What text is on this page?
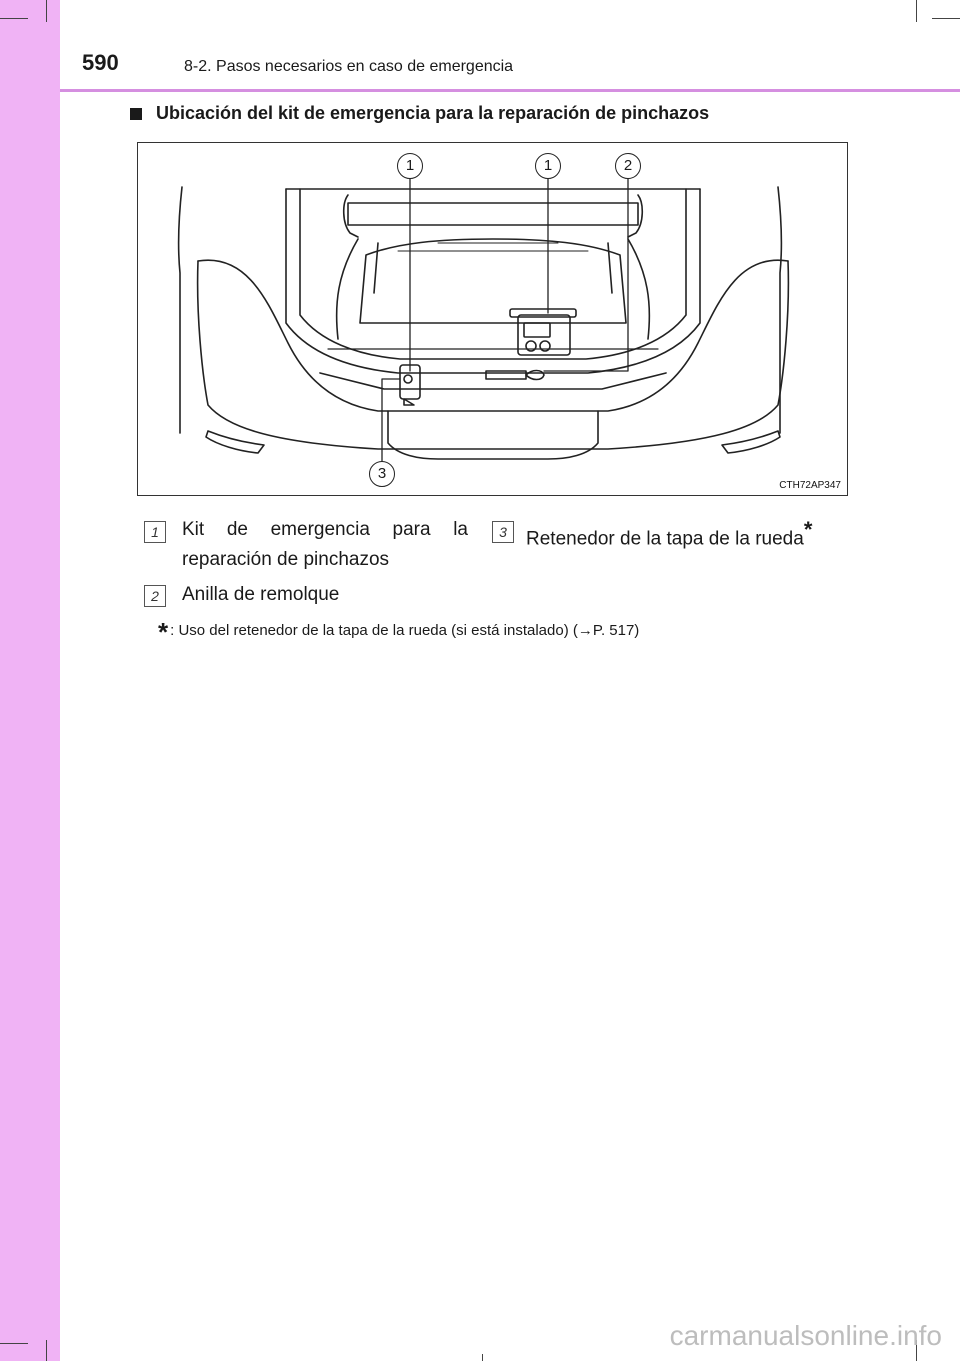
590	8-2. Pasos necesarios en caso de emergencia
Ubicación del kit de emergencia para la reparación de pinchazos
1	1	2
3
CTH72AP347
1	Kit de emergencia para la reparación de pinchazos
2	Anilla de remolque
3	Retenedor de la tapa de la rueda*
* : Uso del retenedor de la tapa de la rueda (si está instalado) (→P. 517)
carmanualsonline.info
